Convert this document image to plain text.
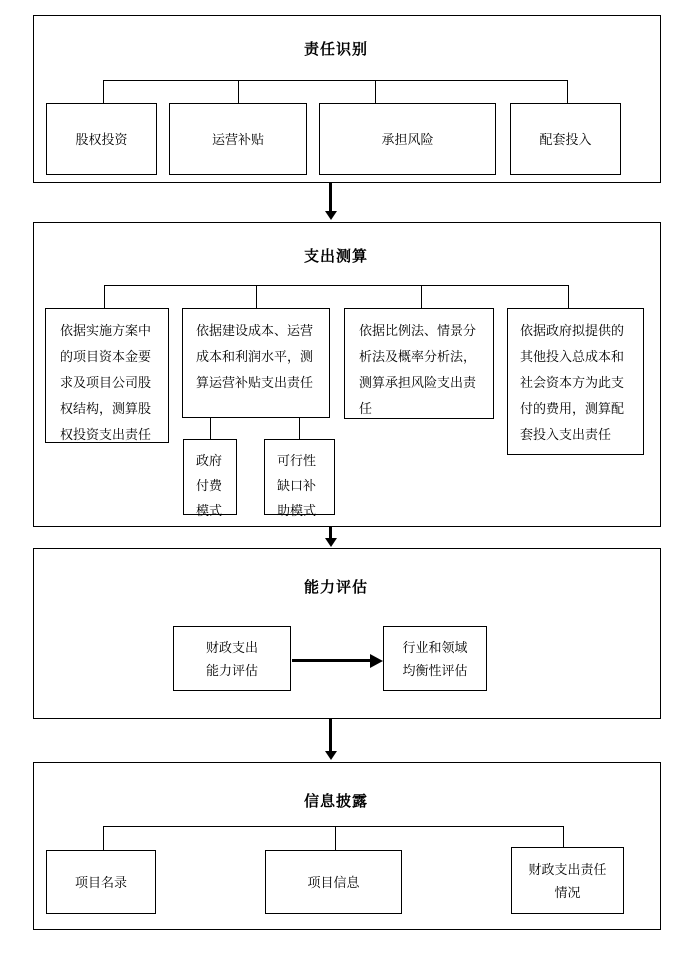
责任识别
股权投资	运营补贴	承担风险	配套投入
支出测算
依据实施方案中的项目资本金要求及项目公司股权结构，测算股权投资支出责任
依据建设成本、运营成本和利润水平，测算运营补贴支出责任
依据比例法、情景分析法及概率分析法，测算承担风险支出责任
依据政府拟提供的其他投入总成本和社会资本方为此支付的费用，测算配套投入支出责任
政府付费模式
可行性缺口补助模式
能力评估
财政支出能力评估
行业和领域均衡性评估
信息披露
项目名录	项目信息
财政支出责任情况
